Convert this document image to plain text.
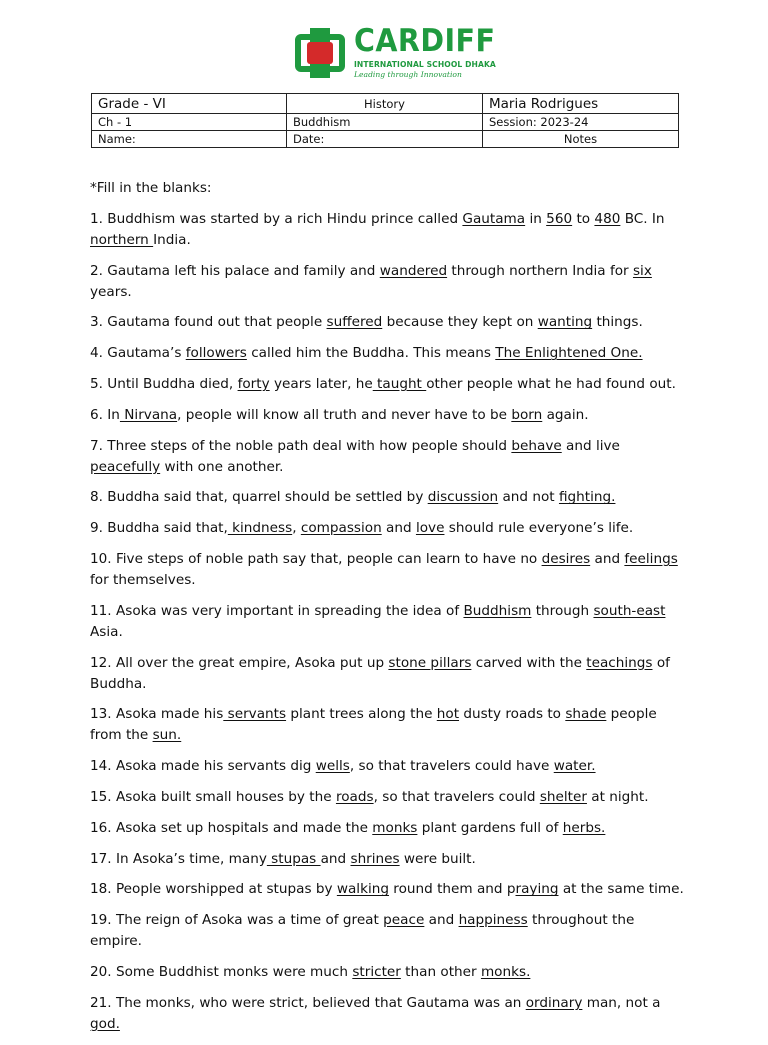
CARDIFF
INTERNATIONAL SCHOOL DHAKA
Leading through Innovation
Grade - VI	History	Maria Rodrigues
Ch - 1	Buddhism	Session: 2023-24
Name:	Date:	Notes

*Fill in the blanks:

1. Buddhism was started by a rich Hindu prince called Gautama in 560 to 480 BC. In northern India.

2. Gautama left his palace and family and wandered through northern India for six years.

3. Gautama found out that people suffered because they kept on wanting things.

4. Gautama’s followers called him the Buddha. This means The Enlightened One.

5. Until Buddha died, forty years later, he taught other people what he had found out.

6. In Nirvana, people will know all truth and never have to be born again.

7. Three steps of the noble path deal with how people should behave and live peacefully with one another.

8. Buddha said that, quarrel should be settled by discussion and not fighting.

9. Buddha said that, kindness, compassion and love should rule everyone’s life.

10. Five steps of noble path say that, people can learn to have no desires and feelings for themselves.

11. Asoka was very important in spreading the idea of Buddhism through south-east Asia.

12. All over the great empire, Asoka put up stone pillars carved with the teachings of Buddha.

13. Asoka made his servants plant trees along the hot dusty roads to shade people from the sun.

14. Asoka made his servants dig wells, so that travelers could have water.

15. Asoka built small houses by the roads, so that travelers could shelter at night.

16. Asoka set up hospitals and made the monks plant gardens full of herbs.

17. In Asoka’s time, many stupas and shrines were built.

18. People worshipped at stupas by walking round them and praying at the same time.

19. The reign of Asoka was a time of great peace and happiness throughout the empire.

20. Some Buddhist monks were much stricter than other monks.

21. The monks, who were strict, believed that Gautama was an ordinary man, not a god.
